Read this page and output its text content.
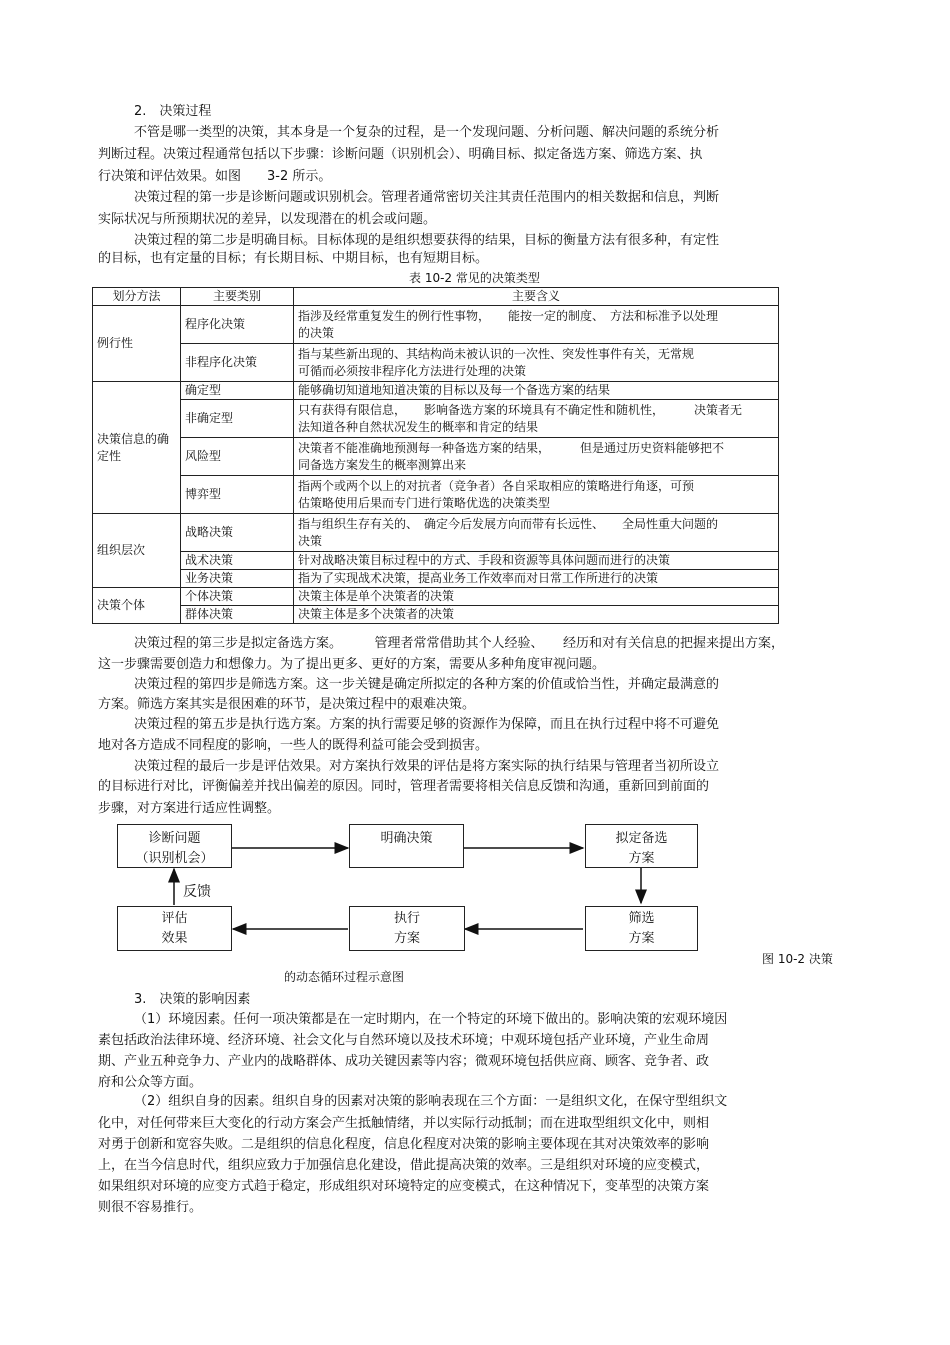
2.　决策过程
不管是哪一类型的决策，其本身是一个复杂的过程，是一个发现问题、分析问题、解决问题的系统分析
判断过程。决策过程通常包括以下步骤：诊断问题（识别机会）、明确目标、拟定备选方案、筛选方案、执
行决策和评估效果。如图　　3-2 所示。
决策过程的第一步是诊断问题或识别机会。管理者通常密切关注其责任范围内的相关数据和信息，判断
实际状况与所预期状况的差异，以发现潜在的机会或问题。
决策过程的第二步是明确目标。目标体现的是组织想要获得的结果，目标的衡量方法有很多种，有定性
的目标，也有定量的目标；有长期目标、中期目标，也有短期目标。
表 10-2 常见的决策类型
划分方法	主要类别	主要含义
例行性	程序化决策	指涉及经常重复发生的例行性事物，　　能按一定的制度、　方法和标准予以处理
的决策

	非程序化决策	指与某些新出现的、其结构尚未被认识的一次性、突发性事件有关，无常规
可循而必须按非程序化方法进行处理的决策

决策信息的确定性	确定型	能够确切知道地知道决策的目标以及每一个备选方案的结果

	非确定型	只有获得有限信息，　　影响备选方案的环境具有不确定性和随机性，　　　决策者无
法知道各种自然状况发生的概率和肯定的结果

	风险型	决策者不能准确地预测每一种备选方案的结果，　　　但是通过历史资料能够把不
同备选方案发生的概率测算出来

	博弈型	指两个或两个以上的对抗者（竞争者）各自采取相应的策略进行角逐，可预
估策略使用后果而专门进行策略优选的决策类型

组织层次	战略决策	指与组织生存有关的、　确定今后发展方向而带有长远性、　　全局性重大问题的
决策

	战术决策	针对战略决策目标过程中的方式、手段和资源等具体问题而进行的决策

	业务决策	指为了实现战术决策，提高业务工作效率而对日常工作所进行的决策

决策个体	个体决策	决策主体是单个决策者的决策

	群体决策	决策主体是多个决策者的决策
决策过程的第三步是拟定备选方案。　　　管理者常常借助其个人经验、　　经历和对有关信息的把握来提出方案，
这一步骤需要创造力和想像力。为了提出更多、更好的方案，需要从多种角度审视问题。
决策过程的第四步是筛选方案。这一步关键是确定所拟定的各种方案的价值或恰当性，并确定最满意的
方案。筛选方案其实是很困难的环节，是决策过程中的艰难决策。
决策过程的第五步是执行选方案。方案的执行需要足够的资源作为保障，而且在执行过程中将不可避免
地对各方造成不同程度的影响，一些人的既得利益可能会受到损害。
决策过程的最后一步是评估效果。对方案执行效果的评估是将方案实际的执行结果与管理者当初所设立
的目标进行对比，评衡偏差并找出偏差的原因。同时，管理者需要将相关信息反馈和沟通，重新回到前面的
步骤，对方案进行适应性调整。
诊断问题
（识别机会）
明确决策	拟定备选
方案
评估
效果
执行
方案
筛选
方案
反馈
图 10-2 决策
的动态循环过程示意图
3.　决策的影响因素
（1）环境因素。任何一项决策都是在一定时期内，在一个特定的环境下做出的。影响决策的宏观环境因
素包括政治法律环境、经济环境、社会文化与自然环境以及技术环境；中观环境包括产业环境，产业生命周
期、产业五种竞争力、产业内的战略群体、成功关键因素等内容；微观环境包括供应商、顾客、竞争者、政
府和公众等方面。
（2）组织自身的因素。组织自身的因素对决策的影响表现在三个方面：一是组织文化，在保守型组织文
化中，对任何带来巨大变化的行动方案会产生抵触情绪，并以实际行动抵制；而在进取型组织文化中，则相
对勇于创新和宽容失败。二是组织的信息化程度，信息化程度对决策的影响主要体现在其对决策效率的影响
上，在当今信息时代，组织应致力于加强信息化建设，借此提高决策的效率。三是组织对环境的应变模式，
如果组织对环境的应变方式趋于稳定，形成组织对环境特定的应变模式，在这种情况下，变革型的决策方案
则很不容易推行。
